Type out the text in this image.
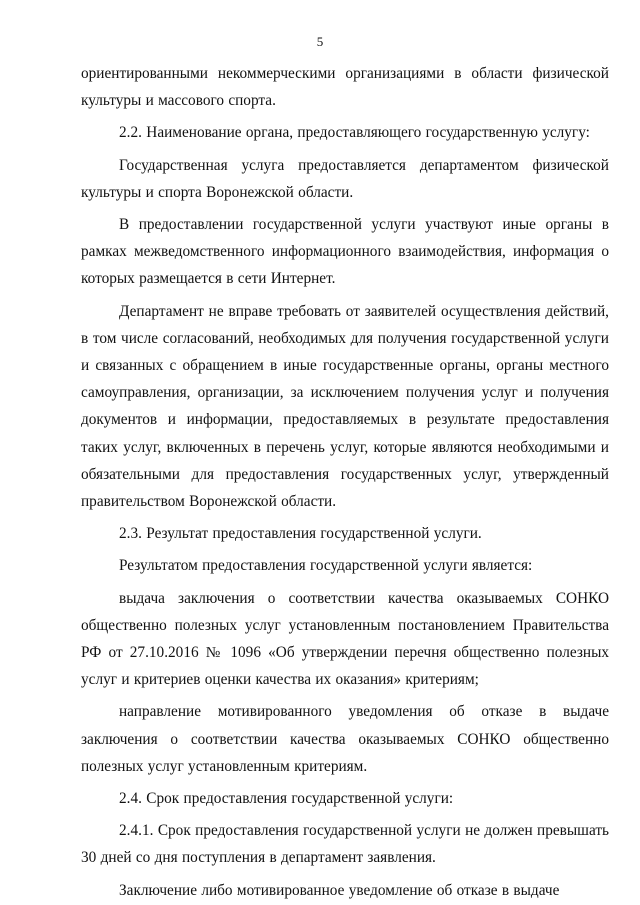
5

ориентированными некоммерческими организациями в области физической культуры и массового спорта.

2.2. Наименование органа, предоставляющего государственную услугу:

Государственная услуга предоставляется департаментом физической культуры и спорта Воронежской области.

В предоставлении государственной услуги участвуют иные органы в рамках межведомственного информационного взаимодействия, информация о которых размещается в сети Интернет.

Департамент не вправе требовать от заявителей осуществления действий, в том числе согласований, необходимых для получения государственной услуги и связанных с обращением в иные государственные органы, органы местного самоуправления, организации, за исключением получения услуг и получения документов и информации, предоставляемых в результате предоставления таких услуг, включенных в перечень услуг, которые являются необходимыми и обязательными для предоставления государственных услуг, утвержденный правительством Воронежской области.

2.3. Результат предоставления государственной услуги.

Результатом предоставления государственной услуги является:

выдача заключения о соответствии качества оказываемых СОНКО общественно полезных услуг установленным постановлением Правительства РФ от 27.10.2016 № 1096 «Об утверждении перечня общественно полезных услуг и критериев оценки качества их оказания» критериям;

направление мотивированного уведомления об отказе в выдаче заключения о соответствии качества оказываемых СОНКО общественно полезных услуг установленным критериям.

2.4. Срок предоставления государственной услуги:

2.4.1. Срок предоставления государственной услуги не должен превышать 30 дней со дня поступления в департамент заявления.

Заключение либо мотивированное уведомление об отказе в выдаче
